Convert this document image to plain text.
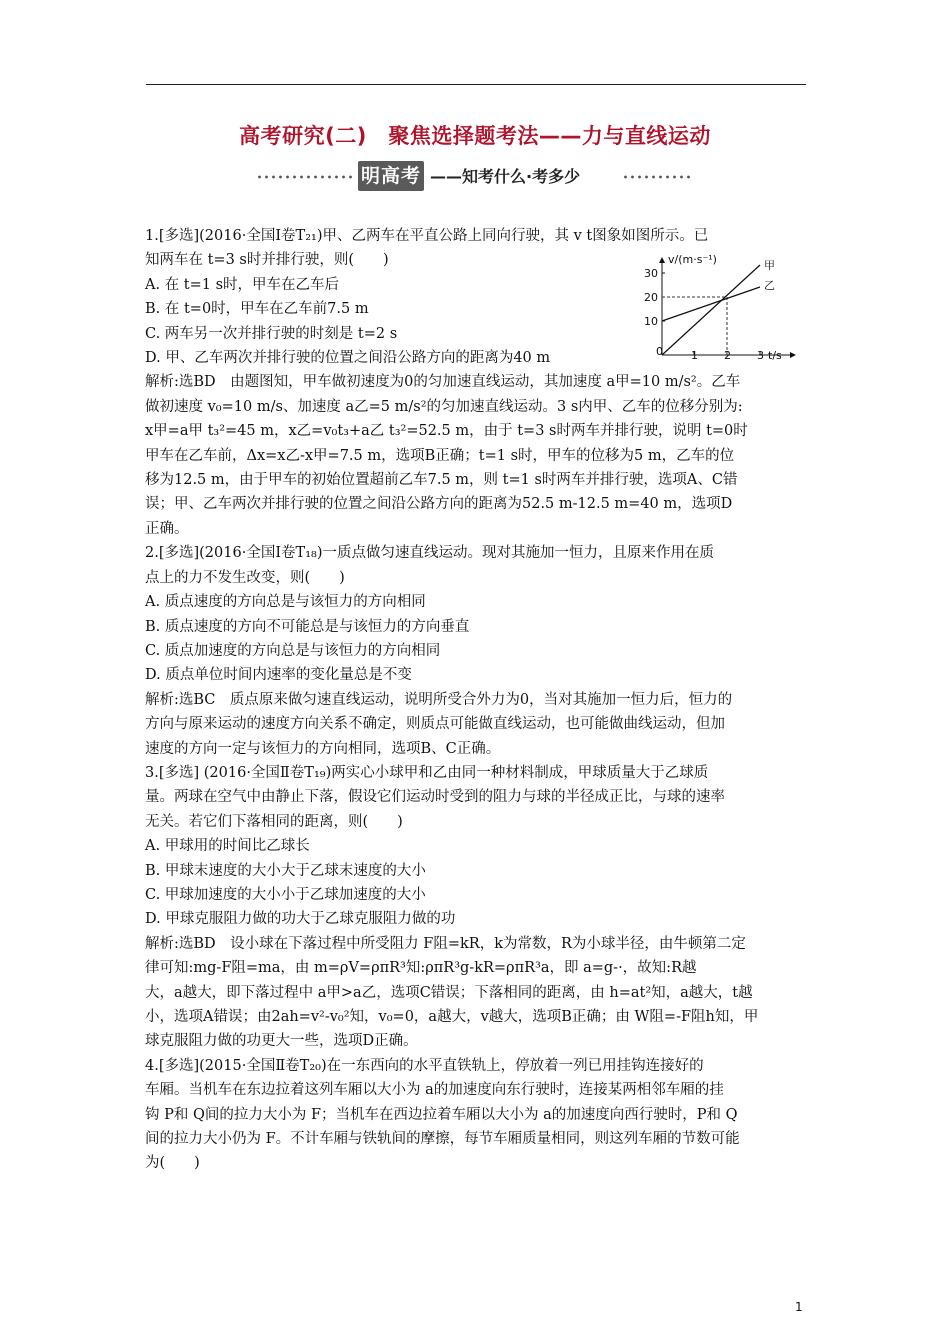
高考研究(二)　聚焦选择题考法——力与直线运动
明高考 ——知考什么·考多少

1.[多选](2016·全国Ⅰ卷T₂₁)甲、乙两车在平直公路上同向行驶，其 v t图象如图所示。已

知两车在 t=3 s时并排行驶，则(　　)

A. 在 t=1 s时，甲车在乙车后

B. 在 t=0时，甲车在乙车前7.5 m

C. 两车另一次并排行驶的时刻是 t=2 s

D. 甲、乙车两次并排行驶的位置之间沿公路方向的距离为40 m

解析:选BD　由题图知，甲车做初速度为0的匀加速直线运动，其加速度 a甲=10 m/s²。乙车

做初速度 v₀=10 m/s、加速度 a乙=5 m/s²的匀加速直线运动。3 s内甲、乙车的位移分别为:

x甲=a甲 t₃²=45 m，x乙=v₀t₃+a乙 t₃²=52.5 m，由于 t=3 s时两车并排行驶，说明 t=0时

甲车在乙车前，Δx=x乙-x甲=7.5 m，选项B正确；t=1 s时，甲车的位移为5 m，乙车的位

移为12.5 m，由于甲车的初始位置超前乙车7.5 m，则 t=1 s时两车并排行驶，选项A、C错

误；甲、乙车两次并排行驶的位置之间沿公路方向的距离为52.5 m-12.5 m=40 m，选项D

正确。

2.[多选](2016·全国Ⅰ卷T₁₈)一质点做匀速直线运动。现对其施加一恒力，且原来作用在质

点上的力不发生改变，则(　　)

A. 质点速度的方向总是与该恒力的方向相同

B. 质点速度的方向不可能总是与该恒力的方向垂直

C. 质点加速度的方向总是与该恒力的方向相同

D. 质点单位时间内速率的变化量总是不变

解析:选BC　质点原来做匀速直线运动，说明所受合外力为0，当对其施加一恒力后，恒力的

方向与原来运动的速度方向关系不确定，则质点可能做直线运动，也可能做曲线运动，但加

速度的方向一定与该恒力的方向相同，选项B、C正确。

3.[多选] (2016·全国Ⅱ卷T₁₉)两实心小球甲和乙由同一种材料制成，甲球质量大于乙球质

量。两球在空气中由静止下落，假设它们运动时受到的阻力与球的半径成正比，与球的速率

无关。若它们下落相同的距离，则(　　)

A. 甲球用的时间比乙球长

B. 甲球末速度的大小大于乙球末速度的大小

C. 甲球加速度的大小小于乙球加速度的大小

D. 甲球克服阻力做的功大于乙球克服阻力做的功

解析:选BD　设小球在下落过程中所受阻力 F阻=kR，k为常数，R为小球半径，由牛顿第二定

律可知:mg-F阻=ma，由 m=ρV=ρπR³知:ρπR³g-kR=ρπR³a，即 a=g-·，故知:R越

大，a越大，即下落过程中 a甲>a乙，选项C错误；下落相同的距离，由 h=at²知，a越大，t越

小，选项A错误；由2ah=v²-v₀²知，v₀=0，a越大，v越大，选项B正确；由 W阻=-F阻h知，甲

球克服阻力做的功更大一些，选项D正确。

4.[多选](2015·全国Ⅱ卷T₂₀)在一东西向的水平直铁轨上，停放着一列已用挂钩连接好的

车厢。当机车在东边拉着这列车厢以大小为 a的加速度向东行驶时，连接某两相邻车厢的挂

钩 P和 Q间的拉力大小为 F；当机车在西边拉着车厢以大小为 a的加速度向西行驶时，P和 Q

间的拉力大小仍为 F。不计车厢与铁轨间的摩擦，每节车厢质量相同，则这列车厢的节数可能

为(　　)

v/(m·s⁻¹)
30
20
10
0	1 2 3 t/s
甲
乙
1
